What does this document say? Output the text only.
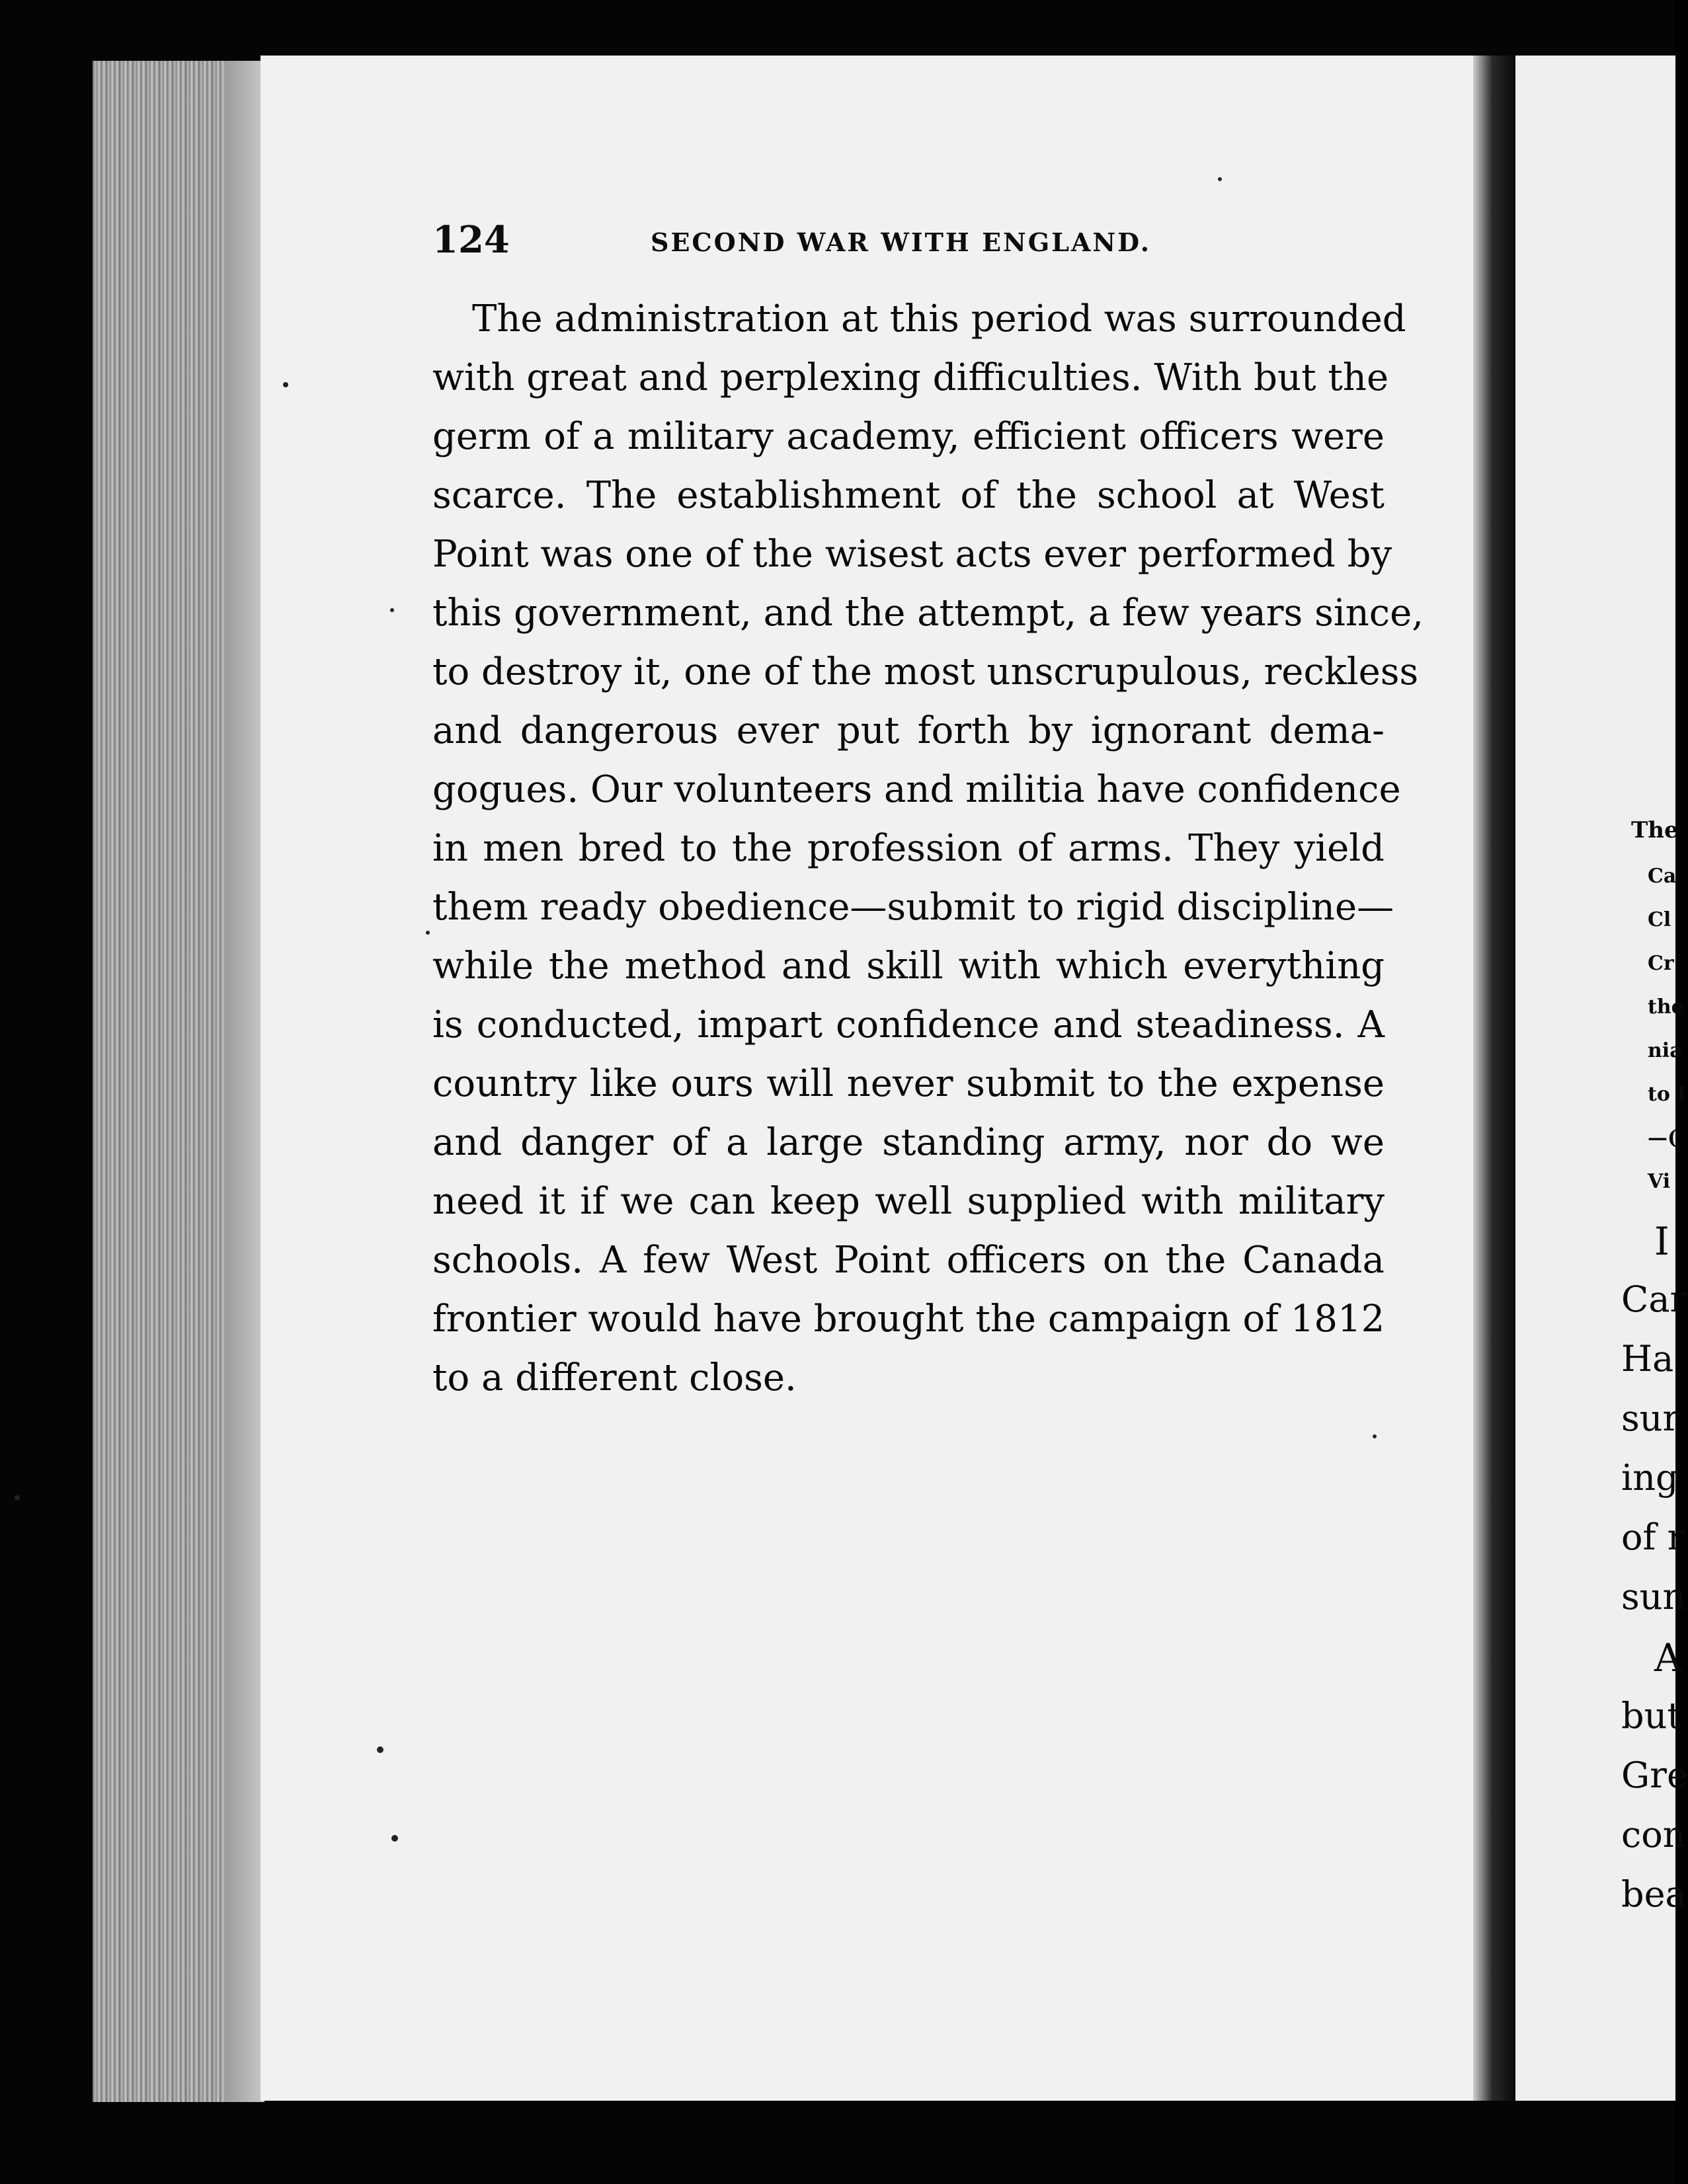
124	SECOND WAR WITH ENGLAND.
The administration at this period was surrounded
with great and perplexing difficulties. With but the
germ of a military academy, efficient officers were
scarce. The establishment of the school at West
Point was one of the wisest acts ever performed by
this government, and the attempt, a few years since,
to destroy it, one of the most unscrupulous, reckless
and dangerous ever put forth by ignorant dema-
gogues. Our volunteers and militia have confidence
in men bred to the profession of arms. They yield
them ready obedience—submit to rigid discipline—
while the method and skill with which everything
is conducted, impart confidence and steadiness. A
country like ours will never submit to the expense
and danger of a large standing army, nor do we
need it if we can keep well supplied with military
schools. A few West Point officers on the Canada
frontier would have brought the campaign of 1812
to a different close.
The
Ca
Cl
Cr
the
nia
to I
—(
Vi
I
Car
Ha
sur
ing
of r
sun
A
but
Gre
con
bea
